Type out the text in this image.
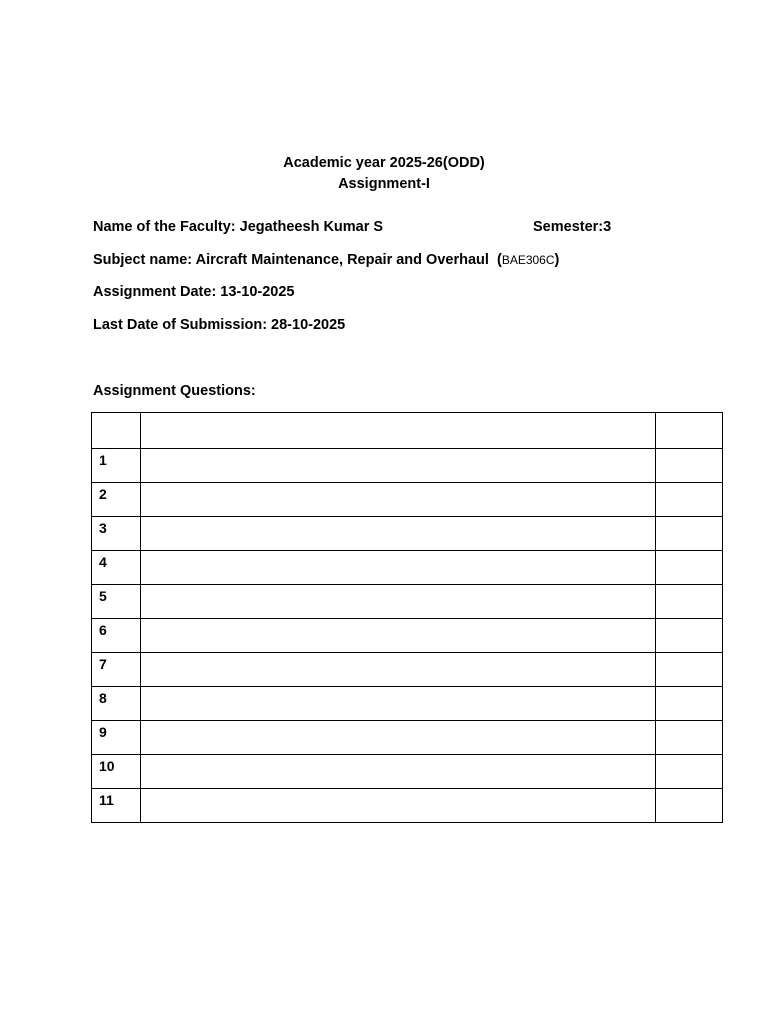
Academic year 2025-26(ODD)
Assignment-I
Name of the Faculty: Jegatheesh Kumar S	Semester:3
Subject name: Aircraft Maintenance, Repair and Overhaul (BAE306C)
Assignment Date: 13-10-2025
Last Date of Submission: 28-10-2025
Assignment Questions:

1		
2		
3		
4		
5		
6		
7		
8		
9		
10		
11		
